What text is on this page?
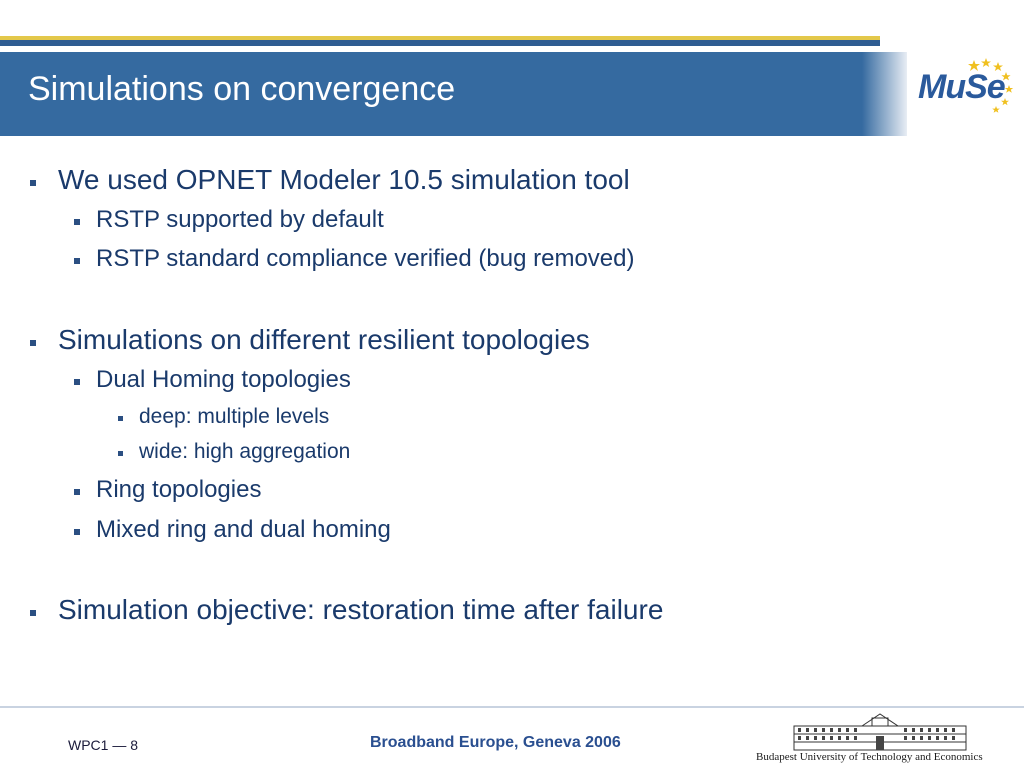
Simulations on convergence	MuSe
We used OPNET Modeler 10.5 simulation tool
RSTP supported by default
RSTP standard compliance verified (bug removed)
Simulations on different resilient topologies
Dual Homing topologies
deep: multiple levels
wide: high aggregation
Ring topologies
Mixed ring and dual homing
Simulation objective: restoration time after failure
WPC1 — 8	Broadband Europe, Geneva 2006
Budapest University of Technology and Economics
